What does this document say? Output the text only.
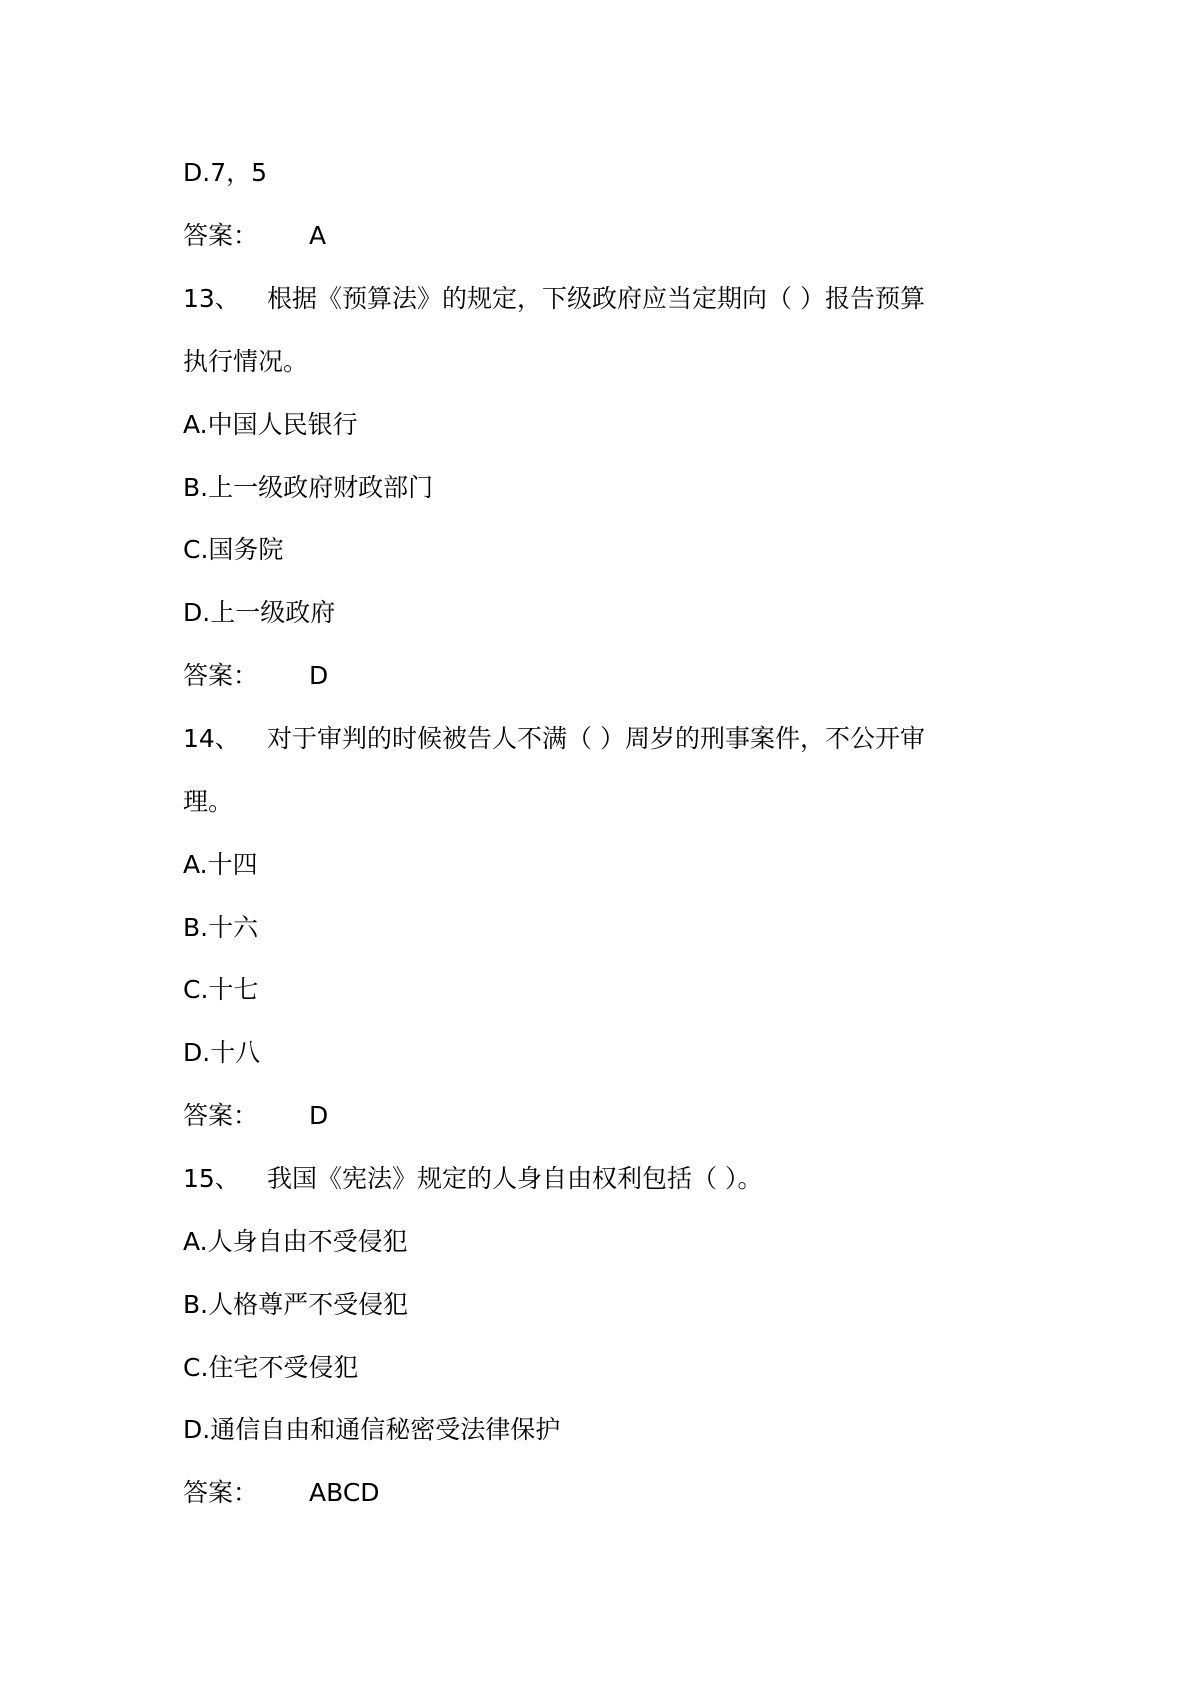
D.7，5
答案： A
13、 根据《预算法》的规定，下级政府应当定期向（ ）报告预算
执行情况。
A.中国人民银行
B.上一级政府财政部门
C.国务院
D.上一级政府
答案： D
14、 对于审判的时候被告人不满（ ）周岁的刑事案件，不公开审
理。
A.十四
B.十六
C.十七
D.十八
答案： D
15、 我国《宪法》规定的人身自由权利包括（ ）。
A.人身自由不受侵犯
B.人格尊严不受侵犯
C.住宅不受侵犯
D.通信自由和通信秘密受法律保护
答案： ABCD
